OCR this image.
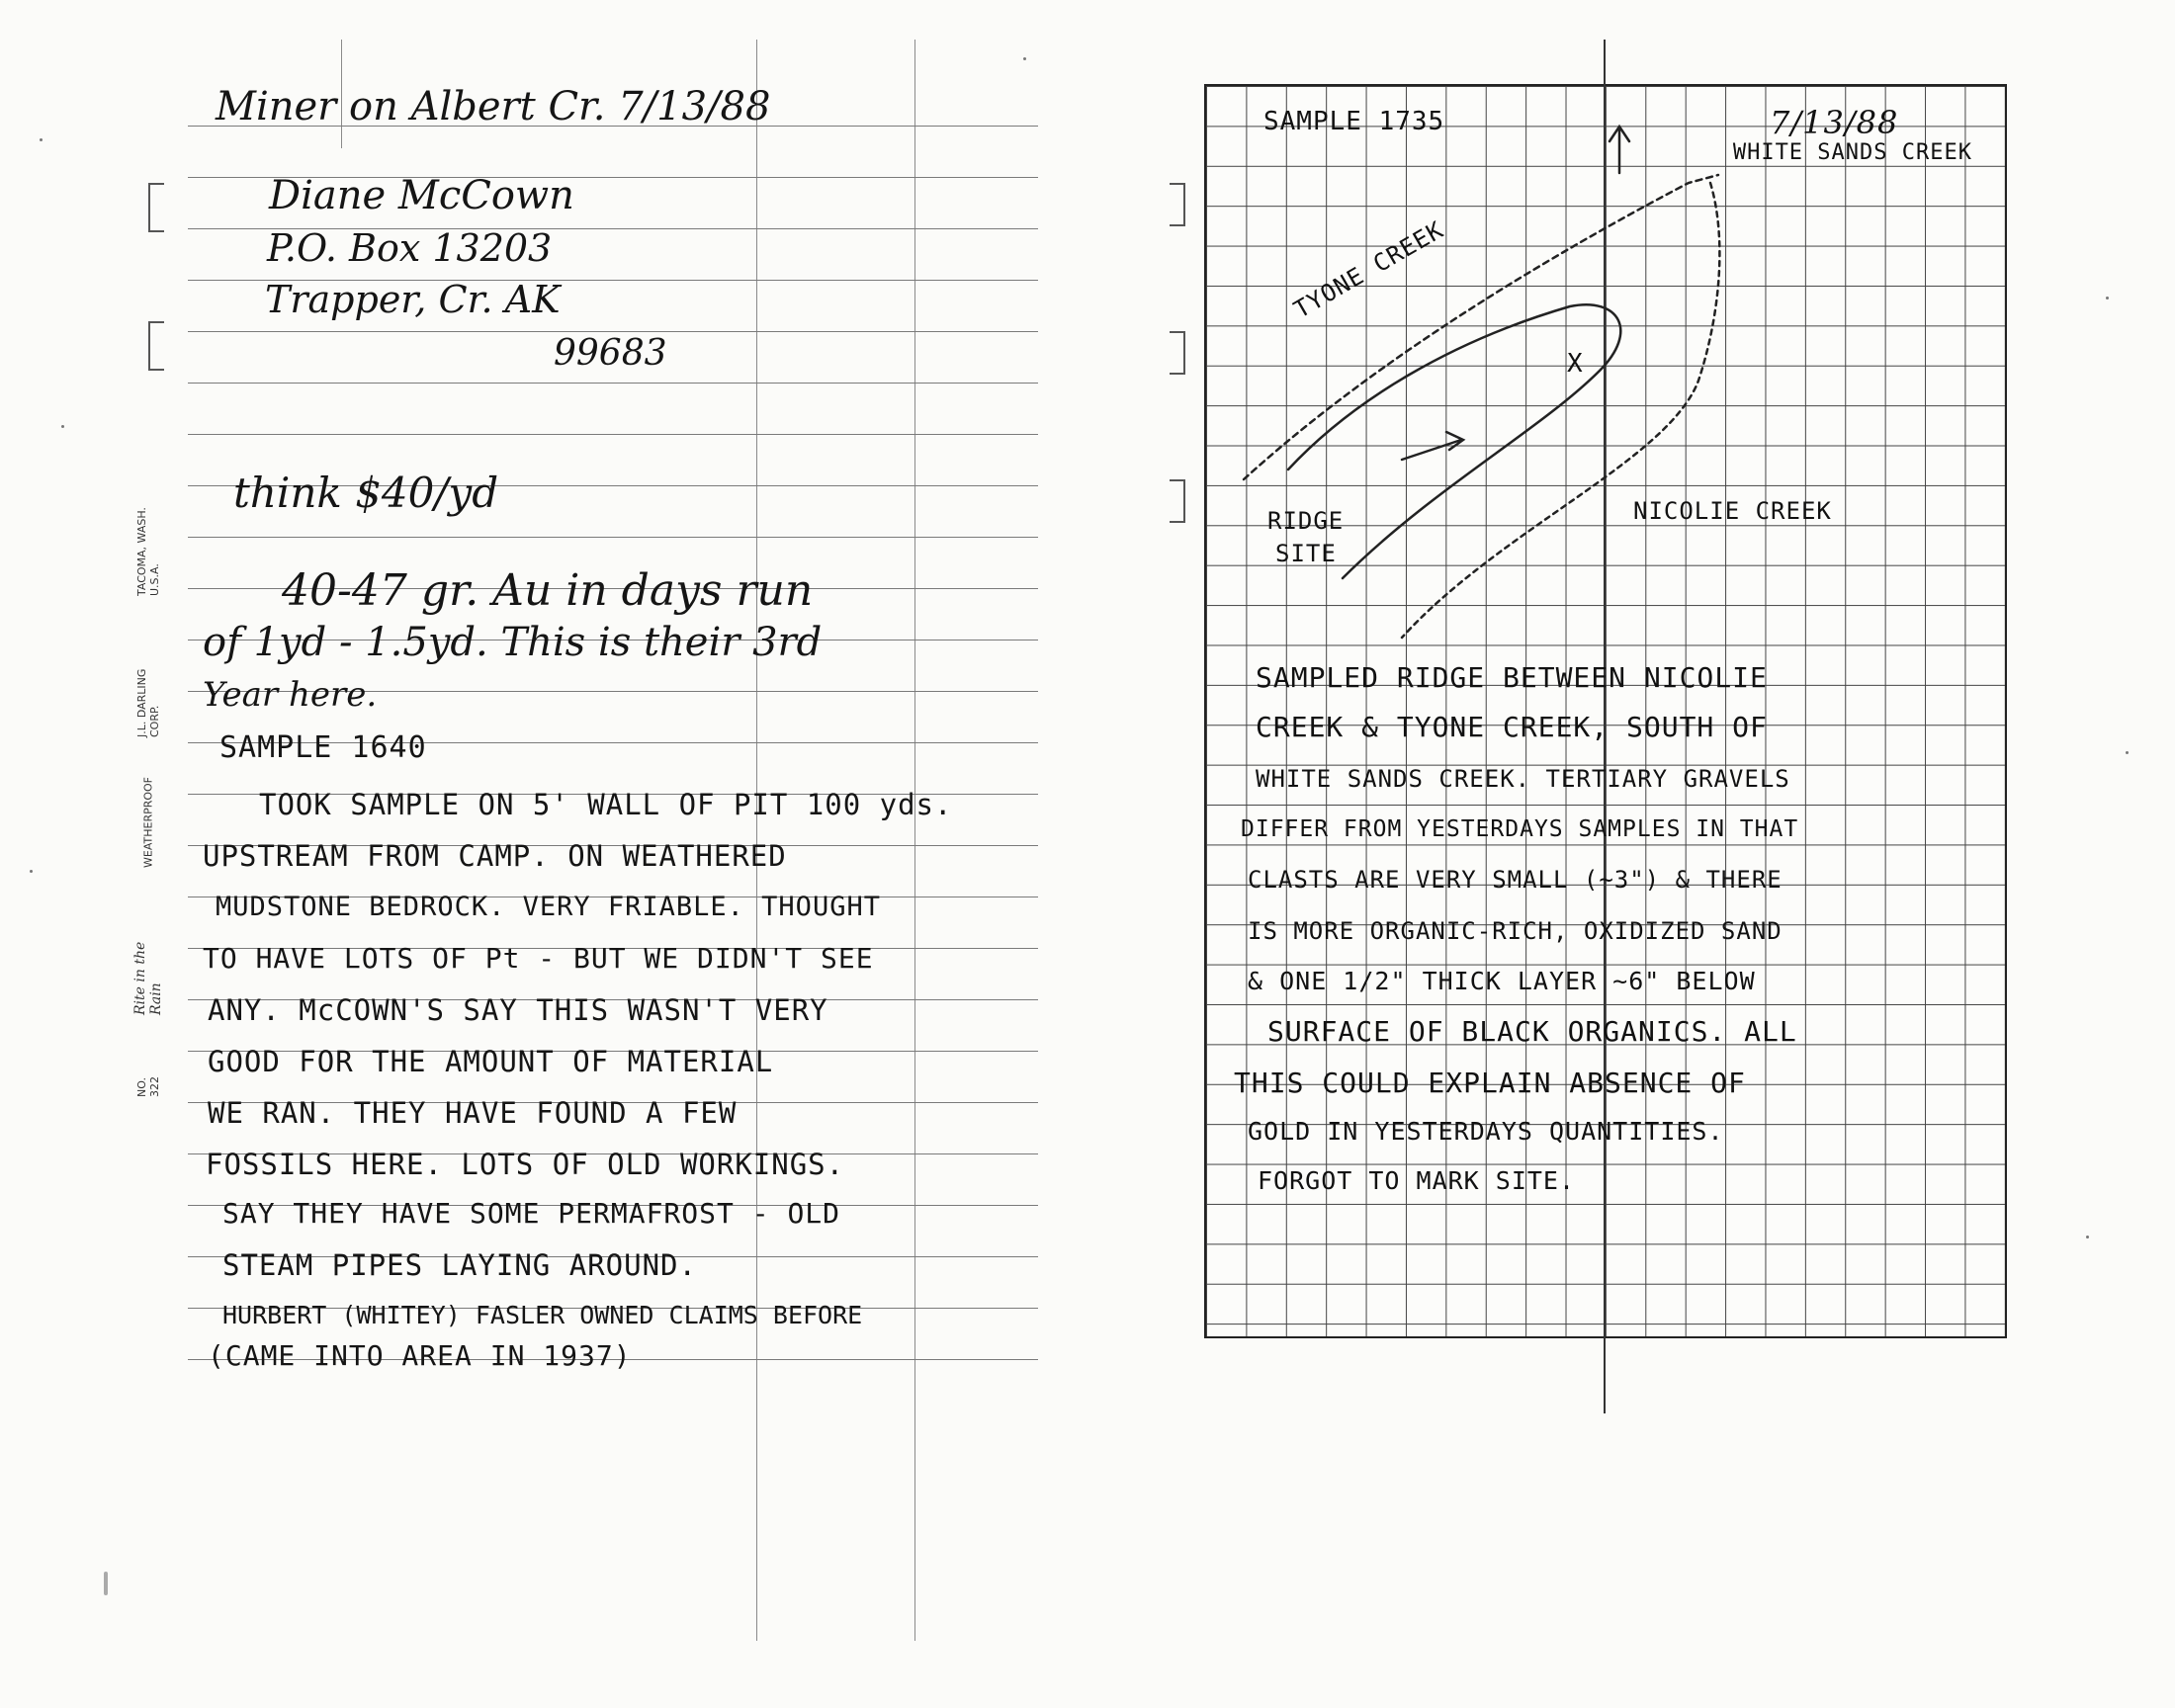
NO. 322
Rite in the Rain
WEATHERPROOF
J.L. DARLING CORP.
TACOMA, WASH. U.S.A.
Miner on Albert Cr. 7/13/88
Diane McCown
P.O. Box 13203
Trapper, Cr. AK
99683
think $40/yd
40-47 gr. Au in days run
of 1yd - 1.5yd. This is their 3rd
Year here.
SAMPLE 1640
TOOK SAMPLE ON 5' WALL OF PIT 100 yds.
UPSTREAM FROM CAMP. ON WEATHERED
MUDSTONE BEDROCK. VERY FRIABLE. THOUGHT
TO HAVE LOTS OF Pt - BUT WE DIDN'T SEE
ANY. McCOWN'S SAY THIS WASN'T VERY
GOOD FOR THE AMOUNT OF MATERIAL
WE RAN. THEY HAVE FOUND A FEW
FOSSILS HERE. LOTS OF OLD WORKINGS.
SAY THEY HAVE SOME PERMAFROST - OLD
STEAM PIPES LAYING AROUND.
HURBERT (WHITEY) FASLER OWNED CLAIMS BEFORE
(CAME INTO AREA IN 1937)
SAMPLE 1735	7/13/88
WHITE SANDS CREEK
TYONE CREEK
NICOLIE CREEK
RIDGE
SITE
X
SAMPLED RIDGE BETWEEN NICOLIE
CREEK & TYONE CREEK, SOUTH OF
WHITE SANDS CREEK. TERTIARY GRAVELS
DIFFER FROM YESTERDAYS SAMPLES IN THAT
CLASTS ARE VERY SMALL (~3") & THERE
IS MORE ORGANIC-RICH, OXIDIZED SAND
& ONE 1/2" THICK LAYER ~6" BELOW
SURFACE OF BLACK ORGANICS. ALL
THIS COULD EXPLAIN ABSENCE OF
GOLD IN YESTERDAYS QUANTITIES.
FORGOT TO MARK SITE.
